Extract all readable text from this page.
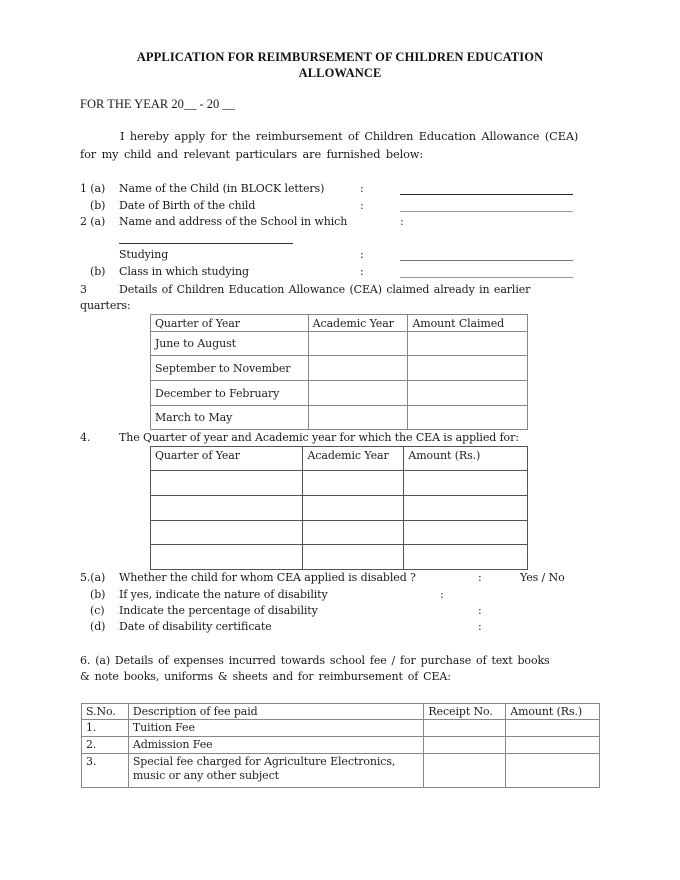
APPLICATION FOR REIMBURSEMENT OF CHILDREN EDUCATION
ALLOWANCE
FOR THE YEAR 20__ - 20 __
I hereby apply for the reimbursement of Children Education Allowance (CEA)
for my child and relevant particulars are furnished below:
1 (a) Name of the Child (in BLOCK letters)	:
(b) Date of Birth of the child	:
2 (a) Name and address of the School in which	:
Studying	:
(b) Class in which studying	:
3	Details of Children Education Allowance (CEA) claimed already in earlier
quarters:
Quarter of Year	Academic Year	Amount Claimed
June to August		
September to November		
December to February		
March to May		
4.	The Quarter of year and Academic year for which the CEA is applied for:
Quarter of Year	Academic Year	Amount (Rs.)

5.(a) Whether the child for whom CEA applied is disabled ?	:	Yes / No
(b) If yes, indicate the nature of disability	:
(c) Indicate the percentage of disability	:
(d) Date of disability certificate	:
6. (a) Details of expenses incurred towards school fee / for purchase of text books
& note books, uniforms & sheets and for reimbursement of CEA:
S.No.	Description of fee paid	Receipt No.	Amount (Rs.)
1.	Tuition Fee		
2.	Admission Fee		
3.	Special fee charged for Agriculture Electronics,
music or any other subject		
